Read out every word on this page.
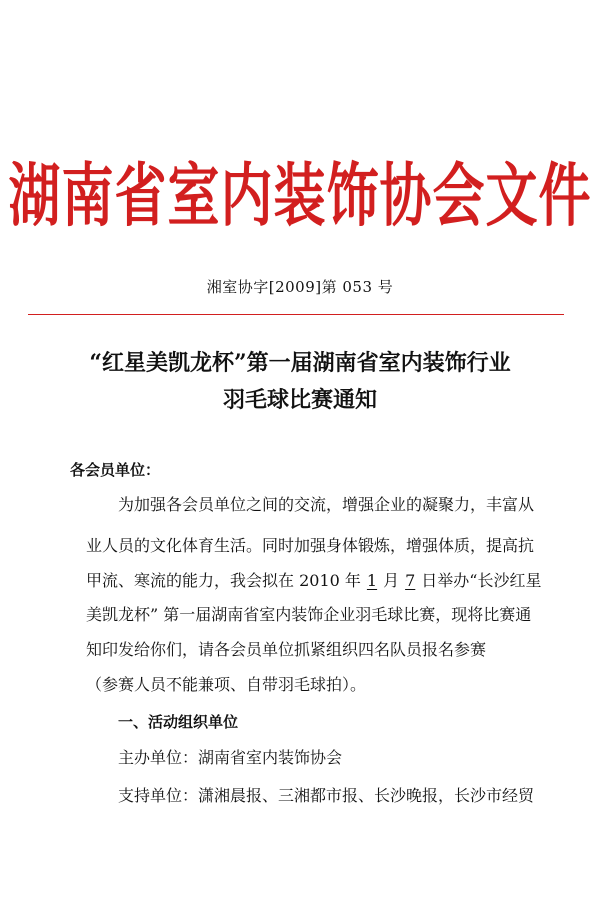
湖南省室内装饰协会文件
湘室协字[2009]第 053 号
“红星美凯龙杯”第一届湖南省室内装饰行业
羽毛球比赛通知
各会员单位：
为加强各会员单位之间的交流，增强企业的凝聚力，丰富从
业人员的文化体育生活。同时加强身体锻炼，增强体质，提高抗
甲流、寒流的能力，我会拟在 2010 年 1 月 7 日举办“长沙红星
美凯龙杯” 第一届湖南省室内装饰企业羽毛球比赛，现将比赛通
知印发给你们，请各会员单位抓紧组织四名队员报名参赛
（参赛人员不能兼项、自带羽毛球拍）。
一、活动组织单位
主办单位：湖南省室内装饰协会
支持单位：潇湘晨报、三湘都市报、长沙晚报，长沙市经贸
